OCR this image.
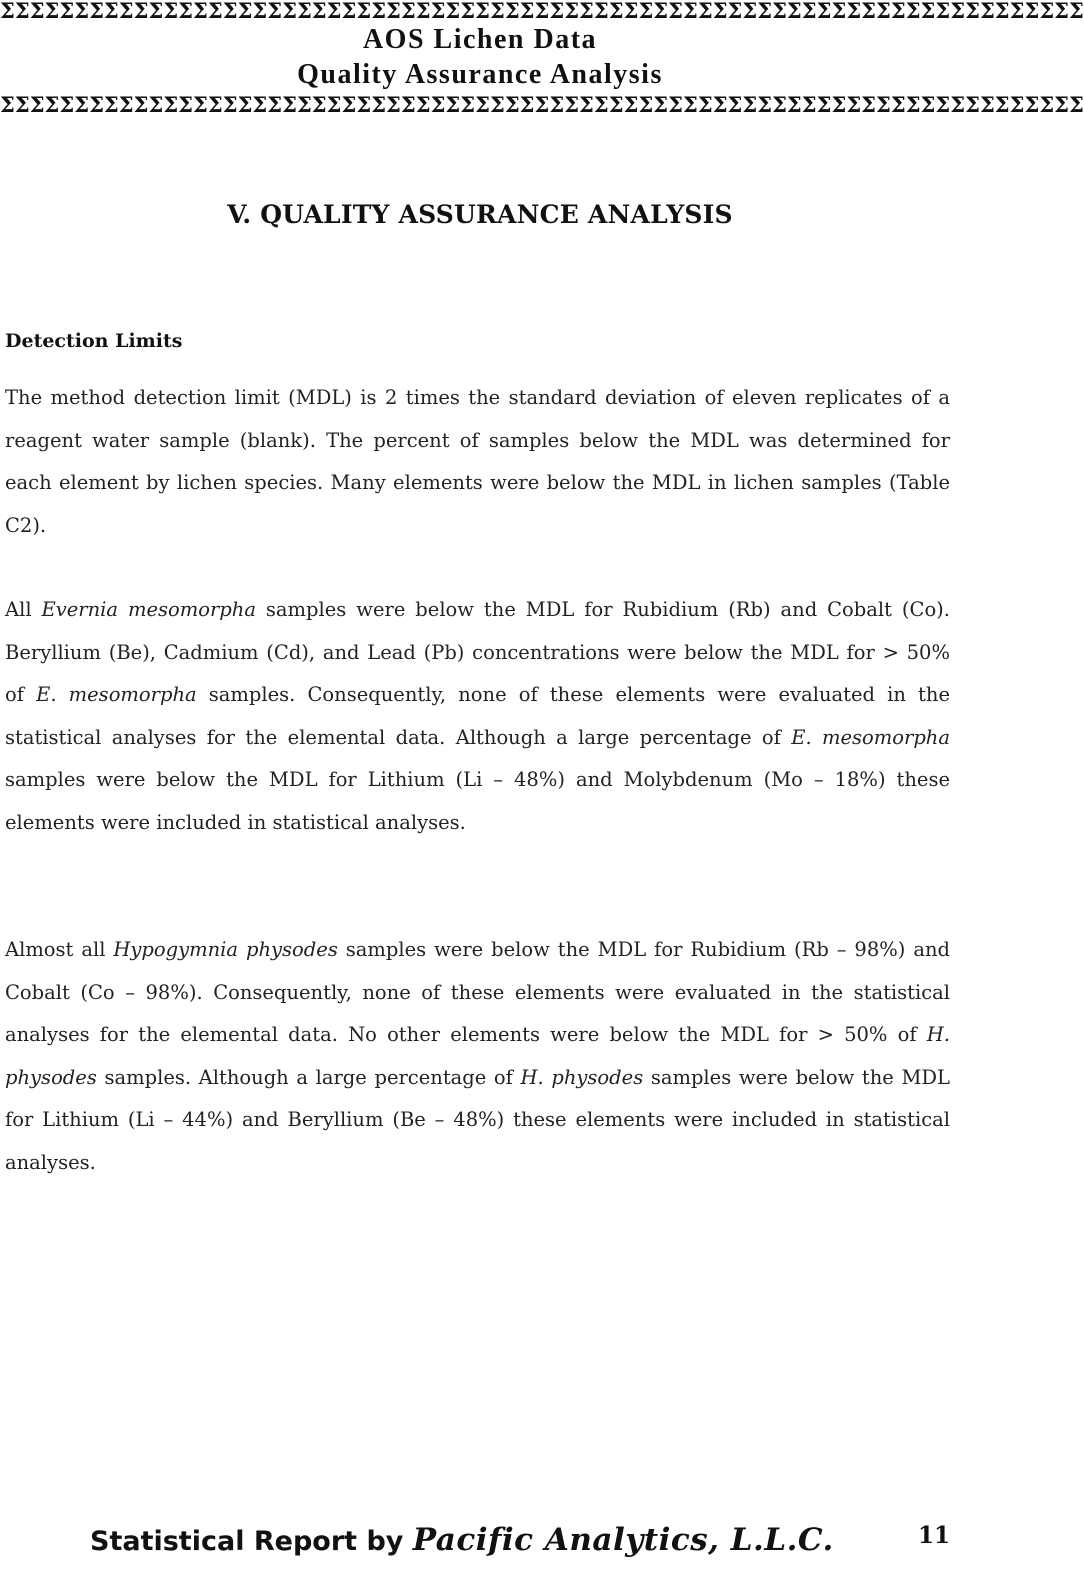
ΣΣΣΣΣΣΣΣΣΣΣΣΣΣΣΣΣΣΣΣΣΣΣΣΣΣΣΣΣΣΣΣΣΣΣΣΣΣΣΣΣΣΣΣΣΣΣΣΣΣΣΣΣΣΣΣΣΣΣΣΣΣΣΣΣΣΣΣΣΣΣΣΣ
AOS Lichen Data
Quality Assurance Analysis
ΣΣΣΣΣΣΣΣΣΣΣΣΣΣΣΣΣΣΣΣΣΣΣΣΣΣΣΣΣΣΣΣΣΣΣΣΣΣΣΣΣΣΣΣΣΣΣΣΣΣΣΣΣΣΣΣΣΣΣΣΣΣΣΣΣΣΣΣΣΣΣΣΣ
V. QUALITY ASSURANCE ANALYSIS
Detection Limits

The method detection limit (MDL) is 2 times the standard deviation of eleven replicates of a reagent water sample (blank). The percent of samples below the MDL was determined for each element by lichen species. Many elements were below the MDL in lichen samples (Table C2).

All Evernia mesomorpha samples were below the MDL for Rubidium (Rb) and Cobalt (Co). Beryllium (Be), Cadmium (Cd), and Lead (Pb) concentrations were below the MDL for > 50% of E. mesomorpha samples. Consequently, none of these elements were evaluated in the statistical analyses for the elemental data. Although a large percentage of E. mesomorpha samples were below the MDL for Lithium (Li – 48%) and Molybdenum (Mo – 18%) these elements were included in statistical analyses.

Almost all Hypogymnia physodes samples were below the MDL for Rubidium (Rb – 98%) and Cobalt (Co – 98%). Consequently, none of these elements were evaluated in the statistical analyses for the elemental data. No other elements were below the MDL for > 50% of H. physodes samples. Although a large percentage of H. physodes samples were below the MDL for Lithium (Li – 44%) and Beryllium (Be – 48%) these elements were included in statistical analyses.

Statistical Report by Pacific Analytics, L.L.C.	11
